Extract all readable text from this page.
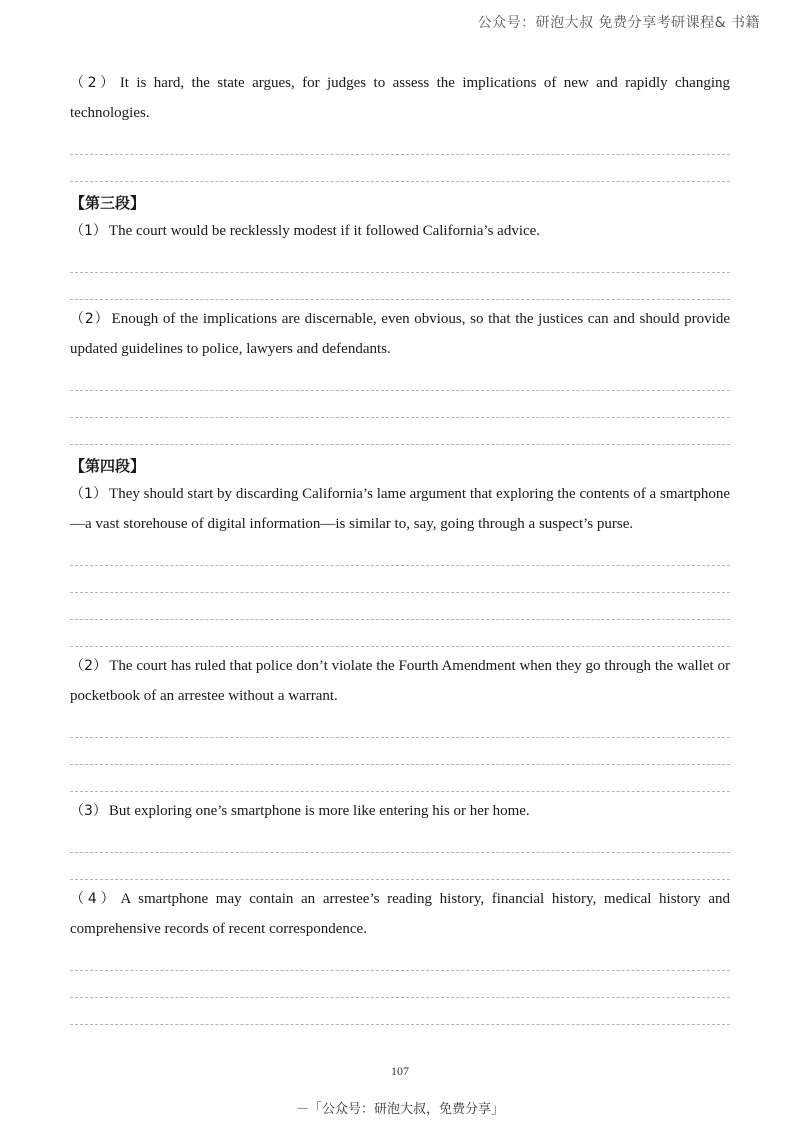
公众号：研泡大叔 免费分享考研课程& 书籍

（2） It is hard, the state argues, for judges to assess the implications of new and rapidly changing technologies.

【第三段】

（1） The court would be recklessly modest if it followed California’s advice.

（2） Enough of the implications are discernable, even obvious, so that the justices can and should provide updated guidelines to police, lawyers and defendants.

【第四段】

（1） They should start by discarding California’s lame argument that exploring the contents of a smartphone—a vast storehouse of digital information—is similar to, say, going through a suspect’s purse.

（2） The court has ruled that police don’t violate the Fourth Amendment when they go through the wallet or pocketbook of an arrestee without a warrant.

（3） But exploring one’s smartphone is more like entering his or her home.

（4） A smartphone may contain an arrestee’s reading history, financial history, medical history and comprehensive records of recent correspondence.

107
－「公众号：研泡大叔，免费分享」
